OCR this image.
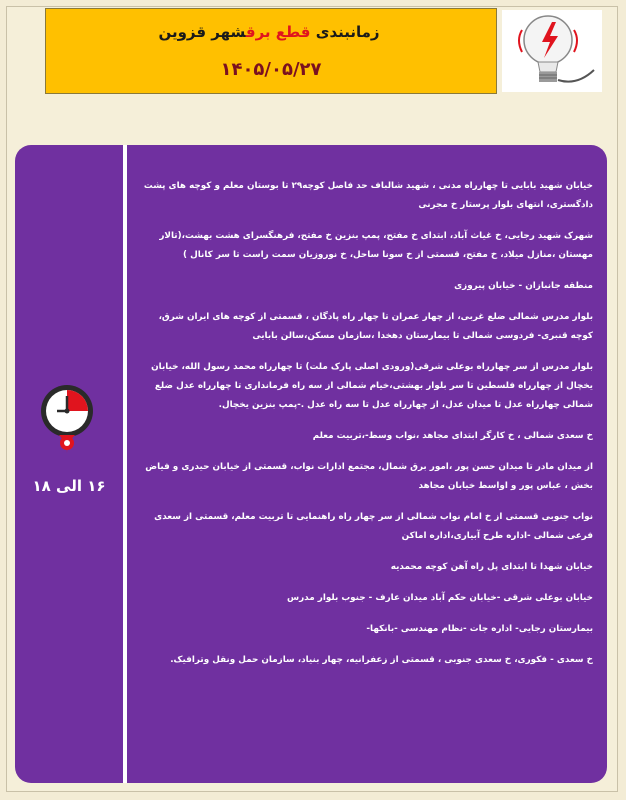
زمانبندی قطع برقشهر قزوین
۱۴۰۵/۰۵/۲۷
۱۶ الی ۱۸
خیابان شهید بابایی تا چهارراه مدنی ، شهید شالباف حد فاصل کوچه۲۹ تا بوستان معلم و کوچه های پشت دادگستری، انتهای بلوار پرستار خ مجرنی
شهرک شهید رجایی، خ غیاث آباد، ابتدای خ مفتح، پمپ بنزین خ مفتح، فرهنگسرای هشت بهشت،(تالار مهستان ،منازل میلاد، خ مفتح، قسمتی از خ سونا ساحل، خ نوروزیان سمت راست تا سر کانال )
منطقه جانبازان - خیابان پیروزی
بلوار مدرس شمالی ضلع غربی، از چهار عمران تا چهار راه پادگان ، قسمتی از کوچه های ایران شرق، کوچه قنبری- فردوسی شمالی تا بیمارستان دهخدا ،سازمان مسکن،سالن بابایی
بلوار مدرس از سر چهارراه بوعلی شرقی(ورودی اصلی پارک ملت) تا چهارراه محمد رسول الله، خیابان یخچال از چهارراه فلسطین تا سر بلوار بهشتی،خیام شمالی از سه راه فرمانداری تا چهارراه عدل ضلع شمالی چهارراه عدل تا میدان عدل، از چهارراه عدل تا سه راه عدل .-پمپ بنزین یخچال.
خ سعدی شمالی ، خ کارگر ابتدای مجاهد ،نواب وسط-،تربیت معلم
از میدان مادر تا میدان حسن پور ،امور برق شمال، مجتمع ادارات نواب، قسمتی از خیابان حیدری و فیاض بخش ، عباس پور و اواسط خیابان مجاهد
نواب جنوبی قسمتی از خ امام نواب شمالی از سر چهار راه راهنمایی تا تربیت معلم، قسمتی از سعدی فرعی شمالی -اداره طرح آبیاری،اداره اماکن
خیابان شهدا تا ابتدای پل راه آهن کوچه محمدیه
خیابان بوعلی شرقی -خیابان حکم آباد میدان عارف - جنوب بلوار مدرس
بیمارستان رجایی- اداره جات -نظام مهندسی -بانکها-
خ سعدی - فکوری، خ سعدی جنوبی ، قسمتی از زعفرانیه، چهار بنیاد، سازمان حمل ونقل وترافیک.
